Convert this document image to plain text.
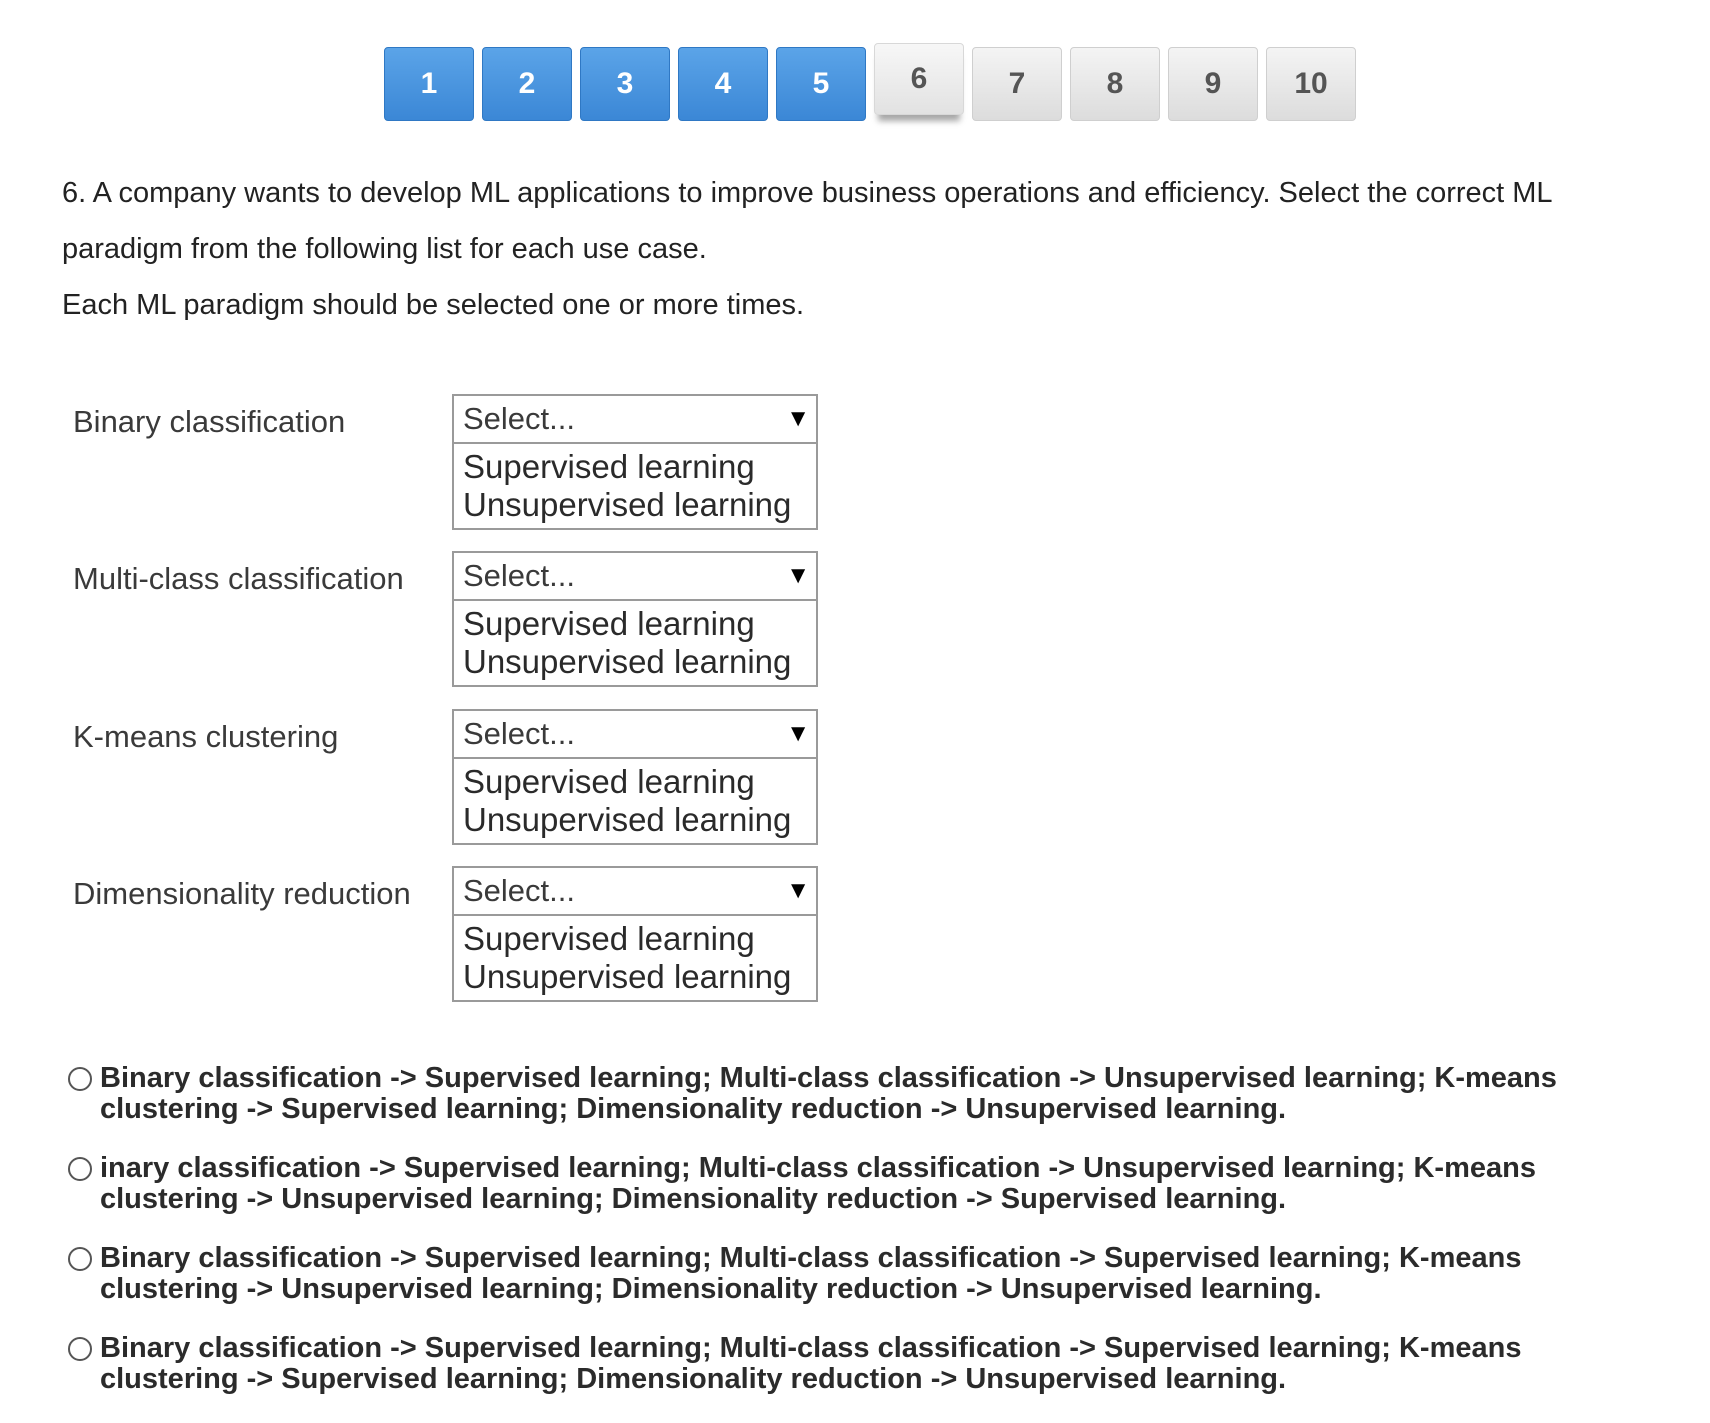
1	2	3	4	5	6	7	8	9	10

6. A company wants to develop ML applications to improve business operations and efficiency. Select the correct ML

paradigm from the following list for each use case.

Each ML paradigm should be selected one or more times.

Binary classification	Select...	▼
Supervised learning
Unsupervised learning
Multi-class classification Select...	▼
Supervised learning
Unsupervised learning
K-means clustering	Select...	▼
Supervised learning
Unsupervised learning
Dimensionality reduction Select...	▼
Supervised learning
Unsupervised learning
Binary classification -> Supervised learning; Multi-class classification -> Unsupervised learning; K-means clustering -> Supervised learning; Dimensionality reduction -> Unsupervised learning.
inary classification -> Supervised learning; Multi-class classification -> Unsupervised learning; K-means clustering -> Unsupervised learning; Dimensionality reduction -> Supervised learning.
Binary classification -> Supervised learning; Multi-class classification -> Supervised learning; K-means clustering -> Unsupervised learning; Dimensionality reduction -> Unsupervised learning.
Binary classification -> Supervised learning; Multi-class classification -> Supervised learning; K-means clustering -> Supervised learning; Dimensionality reduction -> Unsupervised learning.
